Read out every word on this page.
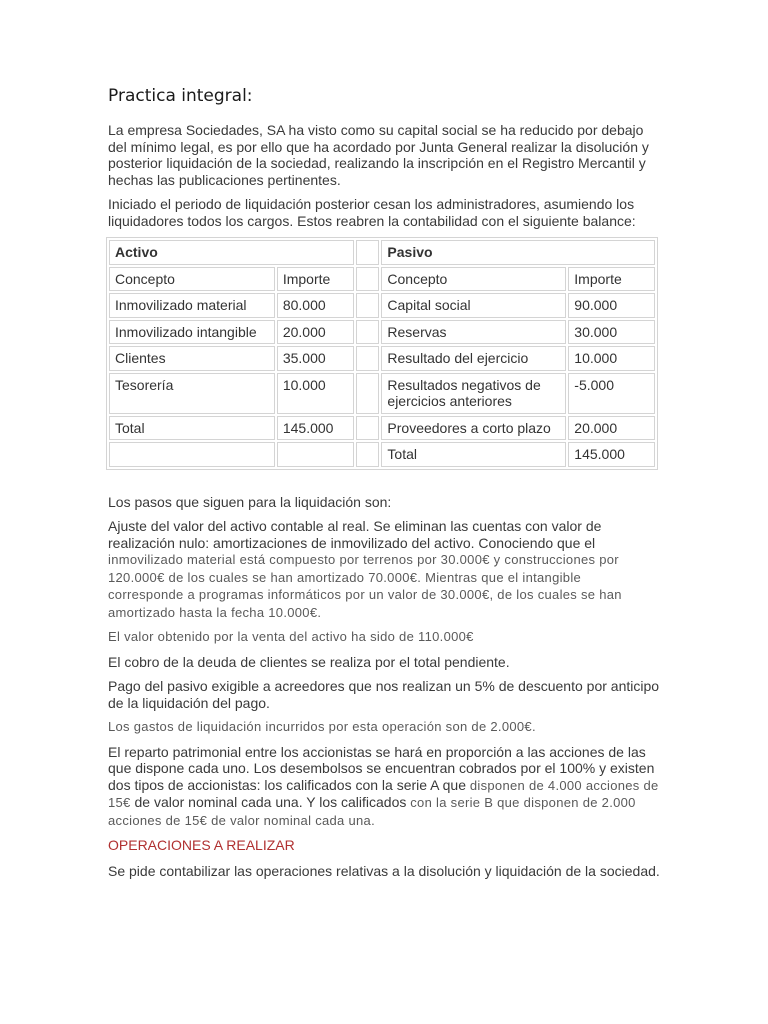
Practica integral:

La empresa Sociedades, SA ha visto como su capital social se ha reducido por debajo del mínimo legal, es por ello que ha acordado por Junta General realizar la disolución y posterior liquidación de la sociedad, realizando la inscripción en el Registro Mercantil y hechas las publicaciones pertinentes.

Iniciado el periodo de liquidación posterior cesan los administradores, asumiendo los liquidadores todos los cargos. Estos reabren la contabilidad con el siguiente balance:

Activo			Pasivo	
Concepto	Importe		Concepto	Importe
Inmovilizado material	80.000		Capital social	90.000
Inmovilizado intangible	20.000		Reservas	30.000
Clientes	35.000		Resultado del ejercicio	10.000
Tesorería	10.000		Resultados negativos de ejercicios anteriores	-5.000
Total	145.000		Proveedores a corto plazo	20.000
			Total	145.000

Los pasos que siguen para la liquidación son:

Ajuste del valor del activo contable al real. Se eliminan las cuentas con valor de realización nulo: amortizaciones de inmovilizado del activo. Conociendo que el inmovilizado material está compuesto por terrenos por 30.000€ y construcciones por 120.000€ de los cuales se han amortizado 70.000€. Mientras que el intangible corresponde a programas informáticos por un valor de 30.000€, de los cuales se han amortizado hasta la fecha 10.000€.

El valor obtenido por la venta del activo ha sido de 110.000€

El cobro de la deuda de clientes se realiza por el total pendiente.

Pago del pasivo exigible a acreedores que nos realizan un 5% de descuento por anticipo de la liquidación del pago.

Los gastos de liquidación incurridos por esta operación son de 2.000€.

El reparto patrimonial entre los accionistas se hará en proporción a las acciones de las que dispone cada uno. Los desembolsos se encuentran cobrados por el 100% y existen dos tipos de accionistas: los calificados con la serie A que disponen de 4.000 acciones de 15€ de valor nominal cada una. Y los calificados con la serie B que disponen de 2.000 acciones de 15€ de valor nominal cada una.

OPERACIONES A REALIZAR

Se pide contabilizar las operaciones relativas a la disolución y liquidación de la sociedad.
